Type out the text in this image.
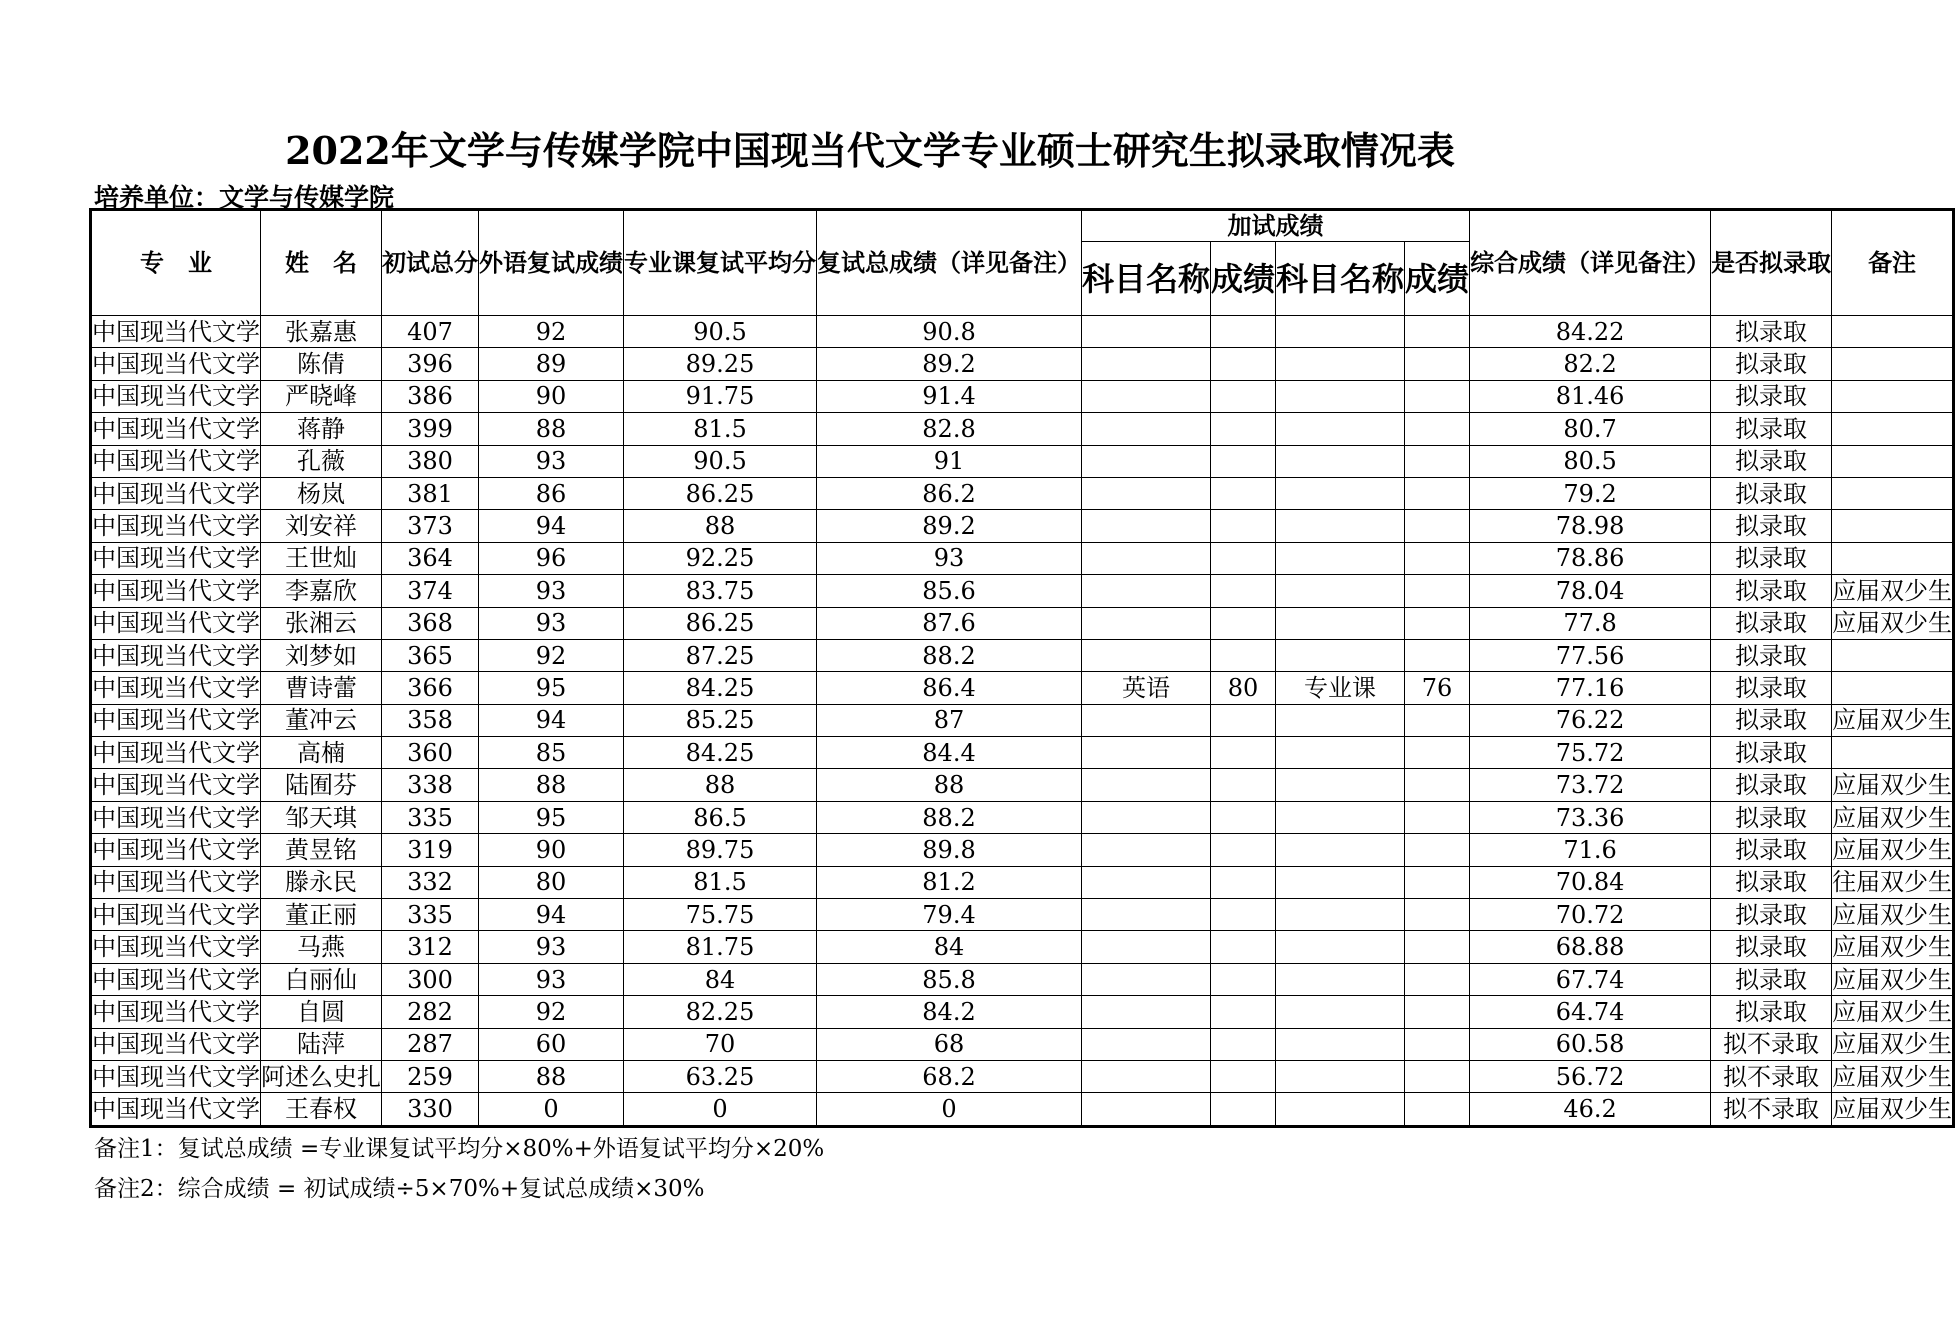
2022年文学与传媒学院中国现当代文学专业硕士研究生拟录取情况表
培养单位：文学与传媒学院
专　业	姓　名	初试总分	外语复试成绩	专业课复试平均分	复试总成绩（详见备注）	加试成绩				综合成绩（详见备注）	是否拟录取	备注
						科目名称	成绩	科目名称	成绩			
中国现当代文学	张嘉惠	407	92	90.5	90.8					84.22	拟录取	
中国现当代文学	陈倩	396	89	89.25	89.2					82.2	拟录取	
中国现当代文学	严晓峰	386	90	91.75	91.4					81.46	拟录取	
中国现当代文学	蒋静	399	88	81.5	82.8					80.7	拟录取	
中国现当代文学	孔薇	380	93	90.5	91					80.5	拟录取	
中国现当代文学	杨岚	381	86	86.25	86.2					79.2	拟录取	
中国现当代文学	刘安祥	373	94	88	89.2					78.98	拟录取	
中国现当代文学	王世灿	364	96	92.25	93					78.86	拟录取	
中国现当代文学	李嘉欣	374	93	83.75	85.6					78.04	拟录取	应届双少生
中国现当代文学	张湘云	368	93	86.25	87.6					77.8	拟录取	应届双少生
中国现当代文学	刘梦如	365	92	87.25	88.2					77.56	拟录取	
中国现当代文学	曹诗蕾	366	95	84.25	86.4	英语	80	专业课	76	77.16	拟录取	
中国现当代文学	董冲云	358	94	85.25	87					76.22	拟录取	应届双少生
中国现当代文学	高楠	360	85	84.25	84.4					75.72	拟录取	
中国现当代文学	陆囿芬	338	88	88	88					73.72	拟录取	应届双少生
中国现当代文学	邹天琪	335	95	86.5	88.2					73.36	拟录取	应届双少生
中国现当代文学	黄昱铭	319	90	89.75	89.8					71.6	拟录取	应届双少生
中国现当代文学	滕永民	332	80	81.5	81.2					70.84	拟录取	往届双少生
中国现当代文学	董正丽	335	94	75.75	79.4					70.72	拟录取	应届双少生
中国现当代文学	马燕	312	93	81.75	84					68.88	拟录取	应届双少生
中国现当代文学	白丽仙	300	93	84	85.8					67.74	拟录取	应届双少生
中国现当代文学	自圆	282	92	82.25	84.2					64.74	拟录取	应届双少生
中国现当代文学	陆萍	287	60	70	68					60.58	拟不录取	应届双少生
中国现当代文学	阿述么史扎	259	88	63.25	68.2					56.72	拟不录取	应届双少生
中国现当代文学	王春权	330	0	0	0					46.2	拟不录取	应届双少生
备注1：复试总成绩 =专业课复试平均分×80%+外语复试平均分×20%
备注2：综合成绩 = 初试成绩÷5×70%+复试总成绩×30%
